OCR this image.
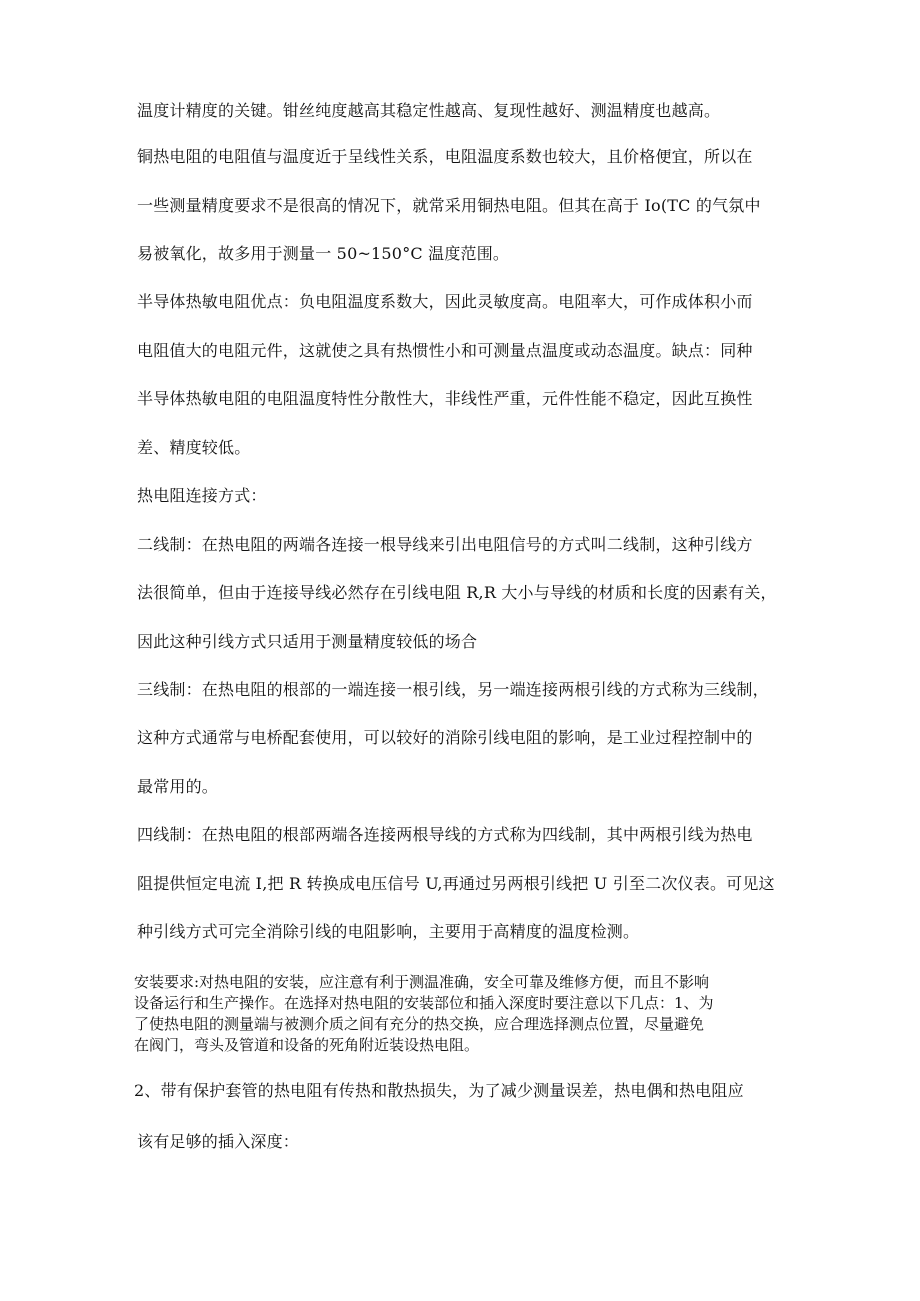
温度计精度的关键。钳丝纯度越高其稳定性越高、复现性越好、测温精度也越高。
铜热电阻的电阻值与温度近于呈线性关系，电阻温度系数也较大，且价格便宜，所以在
一些测量精度要求不是很高的情况下，就常采用铜热电阻。但其在高于 Io(TC 的气氛中
易被氧化，故多用于测量一 50~150°C 温度范围。
半导体热敏电阻优点：负电阻温度系数大，因此灵敏度高。电阻率大，可作成体积小而
电阻值大的电阻元件，这就使之具有热惯性小和可测量点温度或动态温度。缺点：同种
半导体热敏电阻的电阻温度特性分散性大，非线性严重，元件性能不稳定，因此互换性
差、精度较低。
热电阻连接方式：
二线制：在热电阻的两端各连接一根导线来引出电阻信号的方式叫二线制，这种引线方
法很简单，但由于连接导线必然存在引线电阻 R,R 大小与导线的材质和长度的因素有关，
因此这种引线方式只适用于测量精度较低的场合
三线制：在热电阻的根部的一端连接一根引线，另一端连接两根引线的方式称为三线制，
这种方式通常与电桥配套使用，可以较好的消除引线电阻的影响，是工业过程控制中的
最常用的。
四线制：在热电阻的根部两端各连接两根导线的方式称为四线制，其中两根引线为热电
阻提供恒定电流 I,把 R 转换成电压信号 U,再通过另两根引线把 U 引至二次仪表。可见这
种引线方式可完全消除引线的电阻影响，主要用于高精度的温度检测。
安装要求:对热电阻的安装，应注意有利于测温准确，安全可靠及维修方便，而且不影响
设备运行和生产操作。在选择对热电阻的安装部位和插入深度时要注意以下几点：1、为
了使热电阻的测量端与被测介质之间有充分的热交换，应合理选择测点位置，尽量避免
在阀门，弯头及管道和设备的死角附近装设热电阻。
2、带有保护套管的热电阻有传热和散热损失，为了减少测量误差，热电偶和热电阻应
该有足够的插入深度：
